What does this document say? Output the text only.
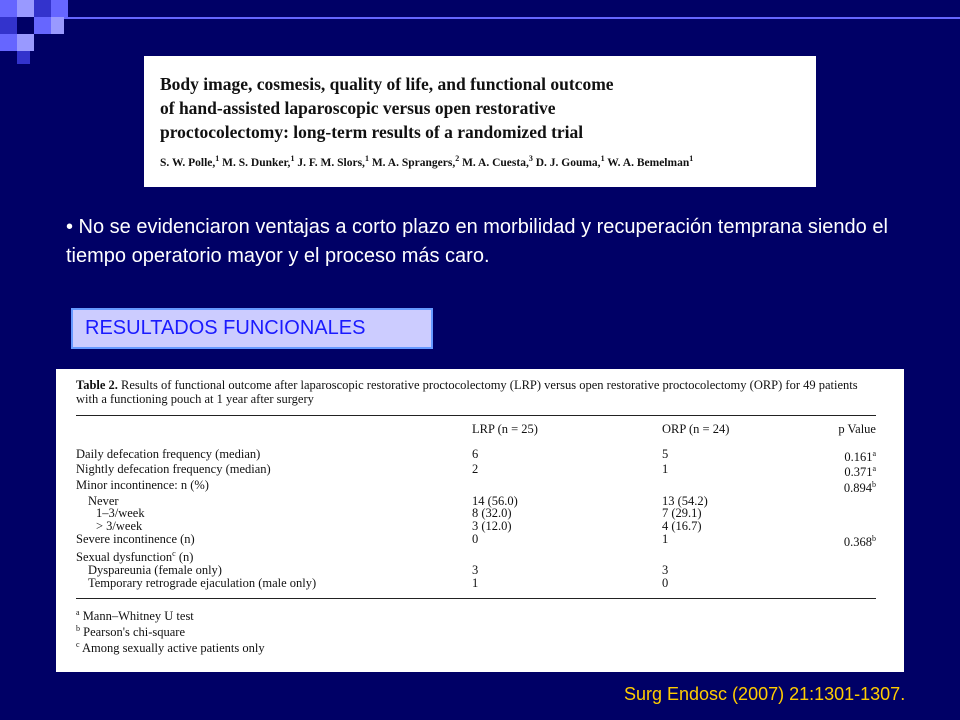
Body image, cosmesis, quality of life, and functional outcome
of hand-assisted laparoscopic versus open restorative
proctocolectomy: long-term results of a randomized trial

S. W. Polle,$^1$ M. S. Dunker,$^1$ J. F. M. Slors,$^1$ M. A. Sprangers,$^2$ M. A. Cuesta,$^3$ D. J. Gouma,$^1$ W. A. Bemelman$^1$
• No se evidenciaron ventajas a corto plazo en morbilidad y recuperación temprana siendo el tiempo operatorio mayor y el proceso más caro.
RESULTADOS FUNCIONALES

Table 2. Results of functional outcome after laparoscopic restorative proctocolectomy (LRP) versus open restorative proctocolectomy (ORP) for 49 patients with a functioning pouch at 1 year after surgery

	LRP (n = 25)	ORP (n = 24)	p Value
Daily defecation frequency (median)	6	5	0.161$^a$
Nightly defecation frequency (median)	2	1	0.371$^a$
Minor incontinence: n (%)			0.894$^b$
Never	14 (56.0)	13 (54.2)	
1–3/week	8 (32.0)	7 (29.1)	
> 3/week	3 (12.0)	4 (16.7)	
Severe incontinence (n)	0	1	0.368$^b$
Sexual dysfunction$^c$ (n)			
Dyspareunia (female only)	3	3	
Temporary retrograde ejaculation (male only)	1	0	
$^a$ Mann–Whitney U test
$^b$ Pearson's chi-square
$^c$ Among sexually active patients only
Surg Endosc (2007) 21:1301-1307.
